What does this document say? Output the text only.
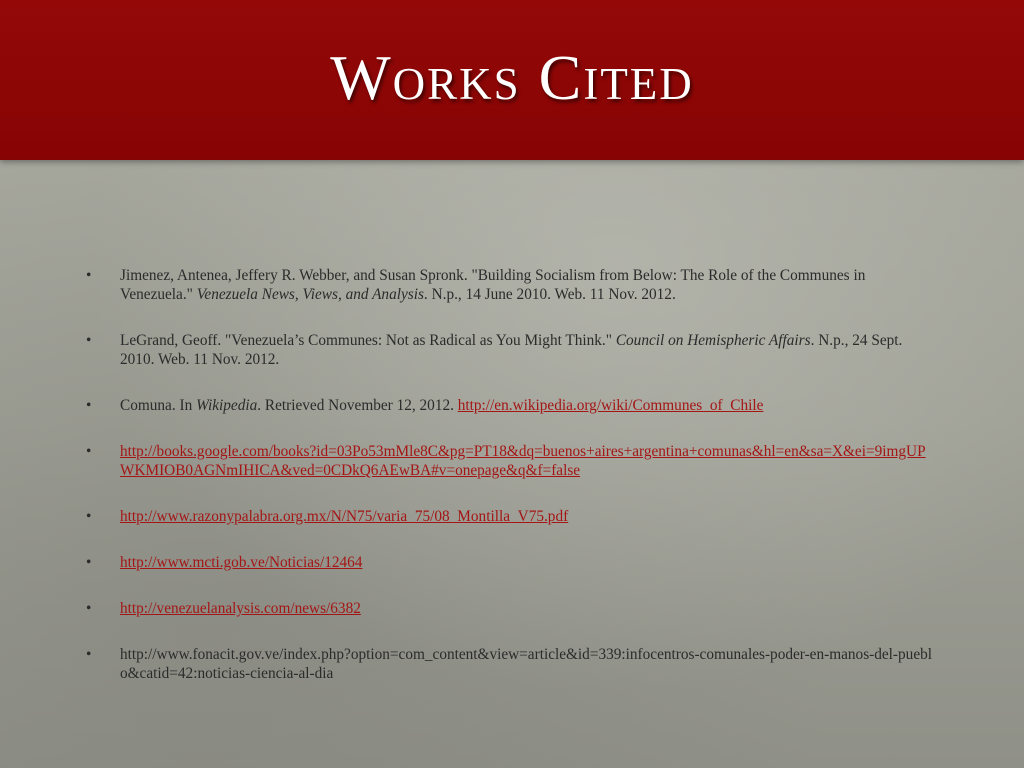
Works Cited
•	Jimenez, Antenea, Jeffery R. Webber, and Susan Spronk. "Building Socialism from Below: The Role of the Communes in Venezuela." Venezuela News, Views, and Analysis. N.p., 14 June 2010. Web. 11 Nov. 2012.
•	LeGrand, Geoff. "Venezuela’s Communes: Not as Radical as You Might Think." Council on Hemispheric Affairs. N.p., 24 Sept. 2010. Web. 11 Nov. 2012.
•	Comuna. In Wikipedia. Retrieved November 12, 2012. http://en.wikipedia.org/wiki/Communes_of_Chile
•	http://books.google.com/books?id=03Po53mMle8C&pg=PT18&dq=buenos+aires+argentina+comunas&hl=en&sa=X&ei=9imgUPWKMIOB0AGNmIHICA&ved=0CDkQ6AEwBA#v=onepage&q&f=false
•	http://www.razonypalabra.org.mx/N/N75/varia_75/08_Montilla_V75.pdf
•	http://www.mcti.gob.ve/Noticias/12464
•	http://venezuelanalysis.com/news/6382
•	http://www.fonacit.gov.ve/index.php?option=com_content&view=article&id=339:infocentros-comunales-poder-en-manos-del-pueblo&catid=42:noticias-ciencia-al-dia
